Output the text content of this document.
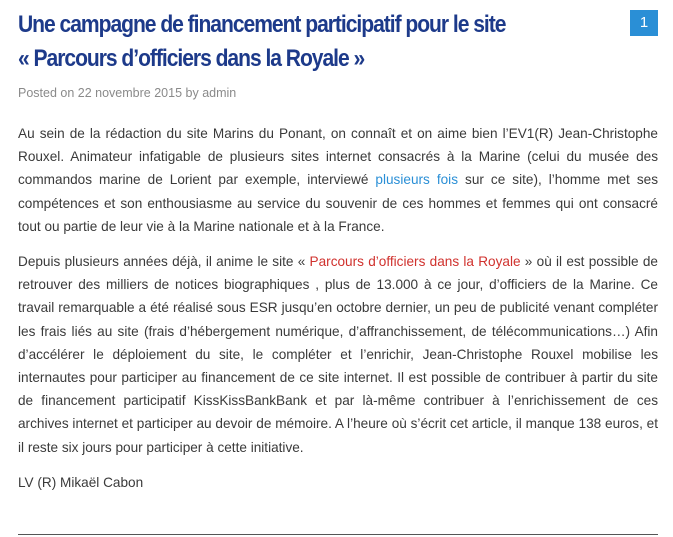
Une campagne de financement participatif pour le site
« Parcours d’officiers dans la Royale »
1
Posted on 22 novembre 2015 by admin

Au sein de la rédaction du site Marins du Ponant, on connaît et on aime bien l’EV1(R) Jean-Christophe Rouxel. Animateur infatigable de plusieurs sites internet consacrés à la Marine (celui du musée des commandos marine de Lorient par exemple, interviewé plusieurs fois sur ce site), l’homme met ses compétences et son enthousiasme au service du souvenir de ces hommes et femmes qui ont consacré tout ou partie de leur vie à la Marine nationale et à la France.

Depuis plusieurs années déjà, il anime le site « Parcours d’officiers dans la Royale » où il est possible de retrouver des milliers de notices biographiques , plus de 13.000 à ce jour, d’officiers de la Marine. Ce travail remarquable a été réalisé sous ESR jusqu’en octobre dernier, un peu de publicité venant compléter les frais liés au site (frais d’hébergement numérique, d’affranchissement, de télécommunications…) Afin d’accélérer le déploiement du site, le compléter et l’enrichir, Jean-Christophe Rouxel mobilise les internautes pour participer au financement de ce site internet. Il est possible de contribuer à partir du site de financement participatif KissKissBankBank et par là-même contribuer à l’enrichissement de ces archives internet et participer au devoir de mémoire. A l’heure où s’écrit cet article, il manque 138 euros, et il reste six jours pour participer à cette initiative.

LV (R) Mikaël Cabon
